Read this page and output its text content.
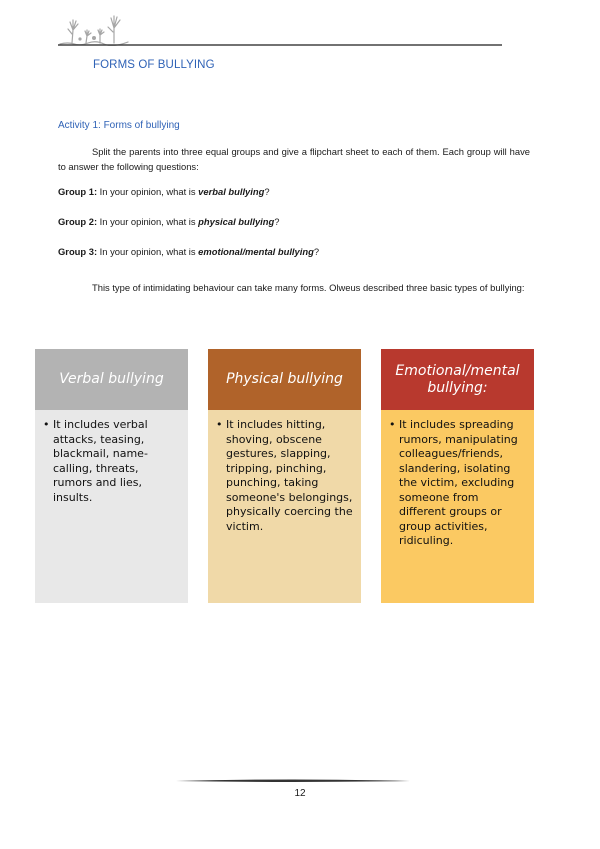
FORMS OF BULLYING
Activity 1: Forms of bullying

Split the parents into three equal groups and give a flipchart sheet to each of them. Each group will have to answer the following questions:

Group 1: In your opinion, what is verbal bullying?
Group 2: In your opinion, what is physical bullying?
Group 3: In your opinion, what is emotional/mental bullying?

This type of intimidating behaviour can take many forms. Olweus described three basic types of bullying:

Verbal bullying
• It includes verbal attacks, teasing, blackmail, name-calling, threats, rumors and lies, insults.
Physical bullying
• It includes hitting, shoving, obscene gestures, slapping, tripping, pinching, punching, taking someone's belongings, physically coercing the victim.
Emotional/mental bullying:
• It includes spreading rumors, manipulating colleagues/friends, slandering, isolating the victim, excluding someone from different groups or group activities, ridiculing.
12
